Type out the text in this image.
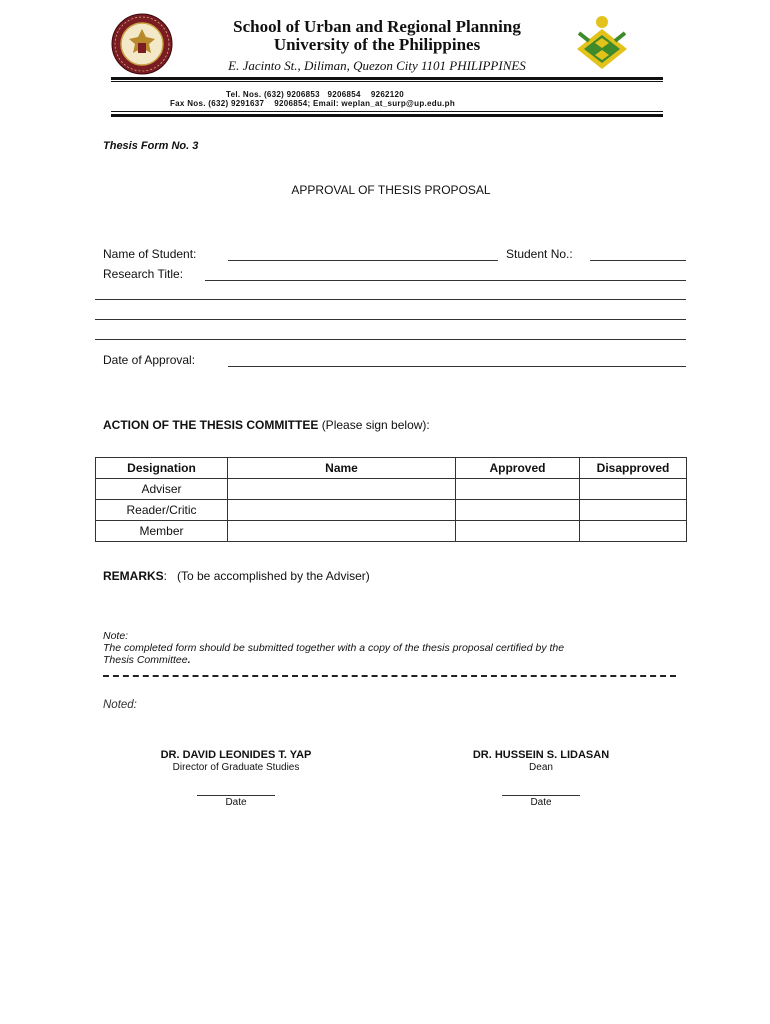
School of Urban and Regional Planning
University of the Philippines
E. Jacinto St., Diliman, Quezon City 1101 PHILIPPINES
Tel. Nos. (632) 9206853   9206854    9262120
Fax Nos. (632) 9291637    9206854; Email: weplan_at_surp@up.edu.ph
Thesis Form No. 3
APPROVAL OF THESIS PROPOSAL
Name of Student:	Student No.:
Research Title:
Date of Approval:
ACTION OF THE THESIS COMMITTEE (Please sign below):
Designation	Name	Approved	Disapproved
Adviser			
Reader/Critic			
Member			
REMARKS:   (To be accomplished by the Adviser)
Note:
The completed form should be submitted together with a copy of the thesis proposal certified by the
Thesis Committee.
Noted:
DR. DAVID LEONIDES T. YAP
Director of Graduate Studies
Date
DR. HUSSEIN S. LIDASAN
Dean
Date
